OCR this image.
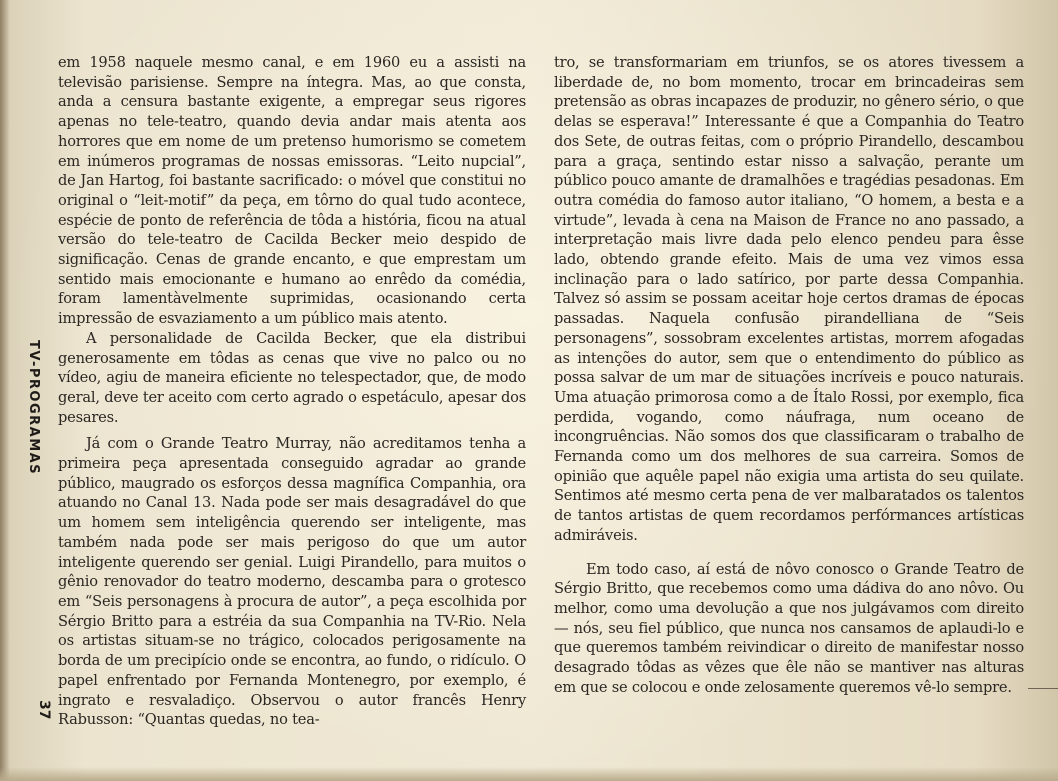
TV-PROGRAMAS
37

em 1958 naquele mesmo canal, e em 1960 eu a assisti na televisão parisiense. Sempre na íntegra. Mas, ao que consta, anda a censura bastante exigente, a empregar seus rigores apenas no tele-teatro, quando devia andar mais atenta aos horrores que em nome de um pretenso humorismo se cometem em inúmeros programas de nossas emissoras. “Leito nupcial”, de Jan Hartog, foi bastante sacrificado: o móvel que constitui no original o “leit-motif” da peça, em tôrno do qual tudo acontece, espécie de ponto de referência de tôda a história, ficou na atual versão do tele-teatro de Cacilda Becker meio despido de significação. Cenas de grande encanto, e que emprestam um sentido mais emocionante e humano ao enrêdo da comédia, foram lamentàvelmente suprimidas, ocasionando certa impressão de esvaziamento a um público mais atento.

A personalidade de Cacilda Becker, que ela distribui generosamente em tôdas as cenas que vive no palco ou no vídeo, agiu de maneira eficiente no telespectador, que, de modo geral, deve ter aceito com certo agrado o espetáculo, apesar dos pesares.

Já com o Grande Teatro Murray, não acreditamos tenha a primeira peça apresentada conseguido agradar ao grande público, maugrado os esforços dessa magnífica Companhia, ora atuando no Canal 13. Nada pode ser mais desagradável do que um homem sem inteligência querendo ser inteligente, mas também nada pode ser mais perigoso do que um autor inteligente querendo ser genial. Luigi Pirandello, para muitos o gênio renovador do teatro moderno, descamba para o grotesco em “Seis personagens à procura de autor”, a peça escolhida por Sérgio Britto para a estréia da sua Companhia na TV-Rio. Nela os artistas situam-se no trágico, colocados perigosamente na borda de um precipício onde se encontra, ao fundo, o ridículo. O papel enfrentado por Fernanda Montenegro, por exemplo, é ingrato e resvaladiço. Observou o autor francês Henry Rabusson: “Quantas quedas, no tea-

tro, se transformariam em triunfos, se os atores tivessem a liberdade de, no bom momento, trocar em brincadeiras sem pretensão as obras incapazes de produzir, no gênero sério, o que delas se esperava!” Interessante é que a Companhia do Teatro dos Sete, de outras feitas, com o próprio Pirandello, descambou para a graça, sentindo estar nisso a salvação, perante um público pouco amante de dramalhões e tragédias pesadonas. Em outra comédia do famoso autor italiano, “O homem, a besta e a virtude”, levada à cena na Maison de France no ano passado, a interpretação mais livre dada pelo elenco pendeu para êsse lado, obtendo grande efeito. Mais de uma vez vimos essa inclinação para o lado satírico, por parte dessa Companhia. Talvez só assim se possam aceitar hoje certos dramas de épocas passadas. Naquela confusão pirandelliana de “Seis personagens”, sossobram excelentes artistas, morrem afogadas as intenções do autor, sem que o entendimento do público as possa salvar de um mar de situações incríveis e pouco naturais. Uma atuação primorosa como a de Ítalo Rossi, por exemplo, fica perdida, vogando, como náufraga, num oceano de incongruências. Não somos dos que classificaram o trabalho de Fernanda como um dos melhores de sua carreira. Somos de opinião que aquêle papel não exigia uma artista do seu quilate. Sentimos até mesmo certa pena de ver malbaratados os talentos de tantos artistas de quem recordamos perfórmances artísticas admiráveis.

Em todo caso, aí está de nôvo conosco o Grande Teatro de Sérgio Britto, que recebemos como uma dádiva do ano nôvo. Ou melhor, como uma devolução a que nos julgávamos com direito — nós, seu fiel público, que nunca nos cansamos de aplaudi-lo e que queremos também reivindicar o direito de manifestar nosso desagrado tôdas as vêzes que êle não se mantiver nas alturas em que se colocou e onde zelosamente queremos vê-lo sempre.
